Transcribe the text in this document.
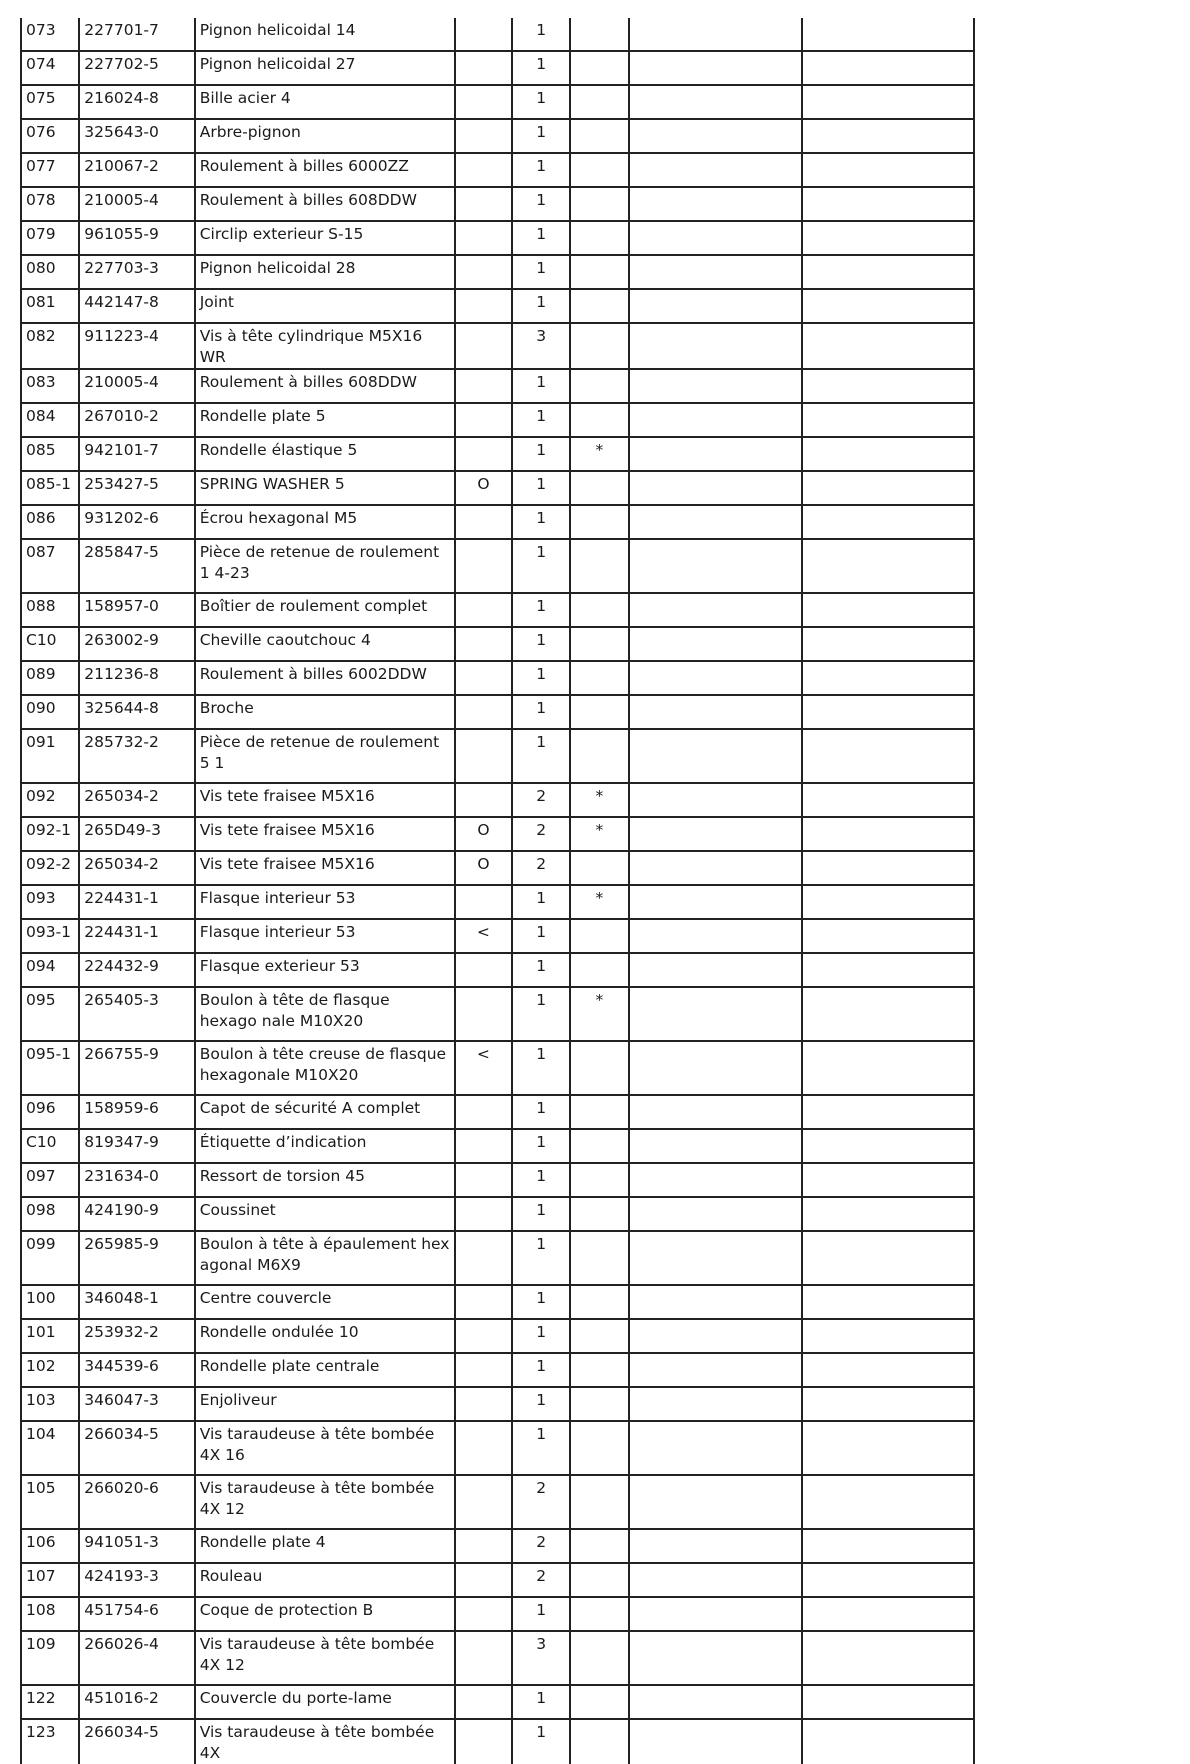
073	227701-7	Pignon helicoidal 14		1			
074	227702-5	Pignon helicoidal 27		1			
075	216024-8	Bille acier 4		1			
076	325643-0	Arbre-pignon		1			
077	210067-2	Roulement à billes 6000ZZ		1			
078	210005-4	Roulement à billes 608DDW		1			
079	961055-9	Circlip exterieur S-15		1			
080	227703-3	Pignon helicoidal 28		1			
081	442147-8	Joint		1			
082	911223-4	Vis à tête cylindrique M5X16 WR		3			
083	210005-4	Roulement à billes 608DDW		1			
084	267010-2	Rondelle plate 5		1			
085	942101-7	Rondelle élastique 5		1	*		
085-1	253427-5	SPRING WASHER 5	O	1			
086	931202-6	Écrou hexagonal M5		1			
087	285847-5	Pièce de retenue de roulement 1 4-23		1			
088	158957-0	Boîtier de roulement complet		1			
C10	263002-9	Cheville caoutchouc 4		1			
089	211236-8	Roulement à billes 6002DDW		1			
090	325644-8	Broche		1			
091	285732-2	Pièce de retenue de roulement 5 1		1			
092	265034-2	Vis tete fraisee M5X16		2	*		
092-1	265D49-3	Vis tete fraisee M5X16	O	2	*		
092-2	265034-2	Vis tete fraisee M5X16	O	2			
093	224431-1	Flasque interieur 53		1	*		
093-1	224431-1	Flasque interieur 53	<	1			
094	224432-9	Flasque exterieur 53		1			
095	265405-3	Boulon à tête de flasque hexago nale M10X20		1	*		
095-1	266755-9	Boulon à tête creuse de flasque hexagonale M10X20	<	1			
096	158959-6	Capot de sécurité A complet		1			
C10	819347-9	Étiquette d’indication		1			
097	231634-0	Ressort de torsion 45		1			
098	424190-9	Coussinet		1			
099	265985-9	Boulon à tête à épaulement hex agonal M6X9		1			
100	346048-1	Centre couvercle		1			
101	253932-2	Rondelle ondulée 10		1			
102	344539-6	Rondelle plate centrale		1			
103	346047-3	Enjoliveur		1			
104	266034-5	Vis taraudeuse à tête bombée 4X 16		1			
105	266020-6	Vis taraudeuse à tête bombée 4X 12		2			
106	941051-3	Rondelle plate 4		2			
107	424193-3	Rouleau		2			
108	451754-6	Coque de protection B		1			
109	266026-4	Vis taraudeuse à tête bombée 4X 12		3			
122	451016-2	Couvercle du porte-lame		1			
123	266034-5	Vis taraudeuse à tête bombée 4X		1			
